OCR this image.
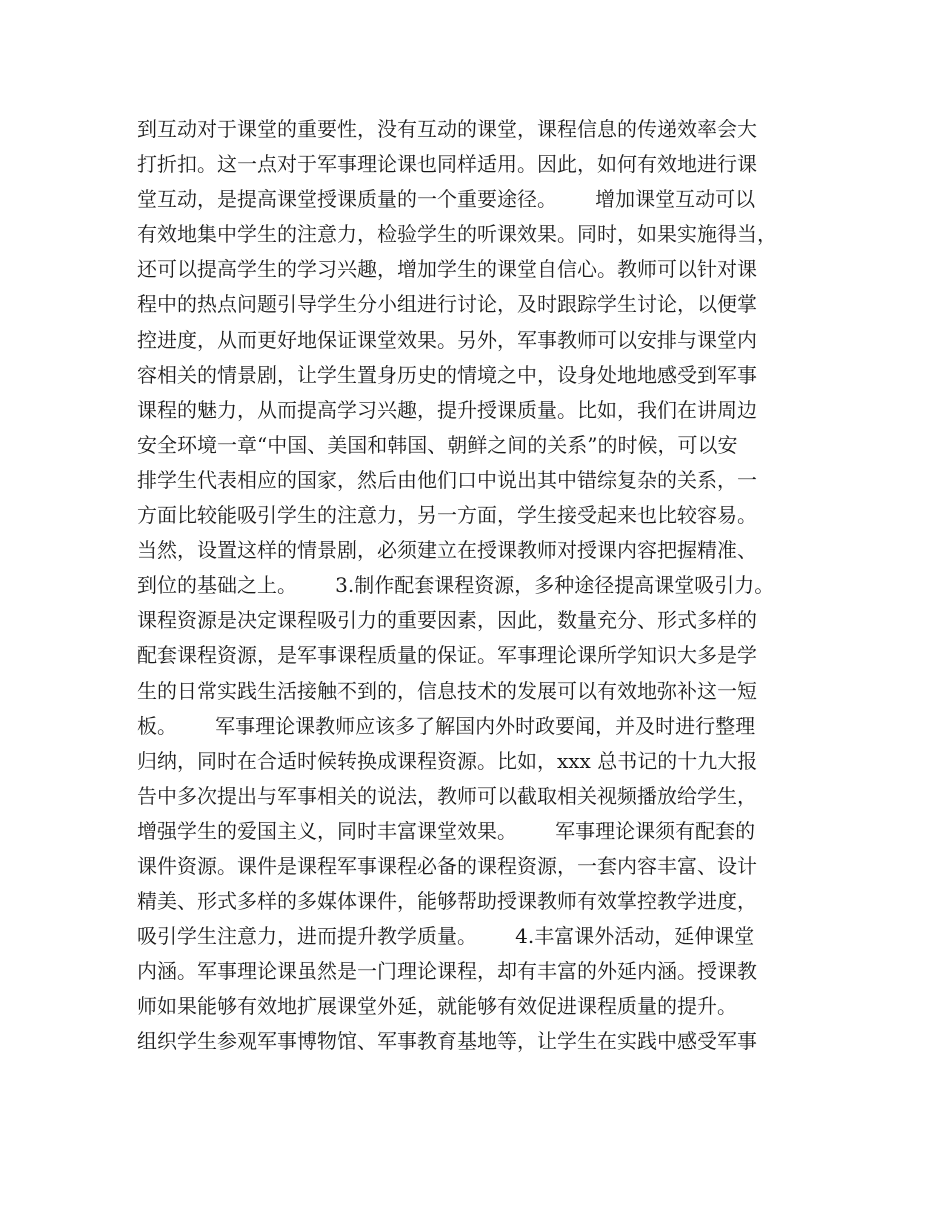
到互动对于课堂的重要性，没有互动的课堂，课程信息的传递效率会大
打折扣。这一点对于军事理论课也同样适用。因此，如何有效地进行课
堂互动，是提高课堂授课质量的一个重要途径。      增加课堂互动可以
有效地集中学生的注意力，检验学生的听课效果。同时，如果实施得当，
还可以提高学生的学习兴趣，增加学生的课堂自信心。教师可以针对课
程中的热点问题引导学生分小组进行讨论，及时跟踪学生讨论，以便掌
控进度，从而更好地保证课堂效果。另外，军事教师可以安排与课堂内
容相关的情景剧，让学生置身历史的情境之中，设身处地地感受到军事
课程的魅力，从而提高学习兴趣，提升授课质量。比如，我们在讲周边
安全环境一章“中国、美国和韩国、朝鲜之间的关系”的时候，可以安
排学生代表相应的国家，然后由他们口中说出其中错综复杂的关系，一
方面比较能吸引学生的注意力，另一方面，学生接受起来也比较容易。
当然，设置这样的情景剧，必须建立在授课教师对授课内容把握精准、
到位的基础之上。      3.制作配套课程资源，多种途径提高课堂吸引力。
课程资源是决定课程吸引力的重要因素，因此，数量充分、形式多样的
配套课程资源，是军事课程质量的保证。军事理论课所学知识大多是学
生的日常实践生活接触不到的，信息技术的发展可以有效地弥补这一短
板。      军事理论课教师应该多了解国内外时政要闻，并及时进行整理
归纳，同时在合适时候转换成课程资源。比如，xxx 总书记的十九大报
告中多次提出与军事相关的说法，教师可以截取相关视频播放给学生，
增强学生的爱国主义，同时丰富课堂效果。      军事理论课须有配套的
课件资源。课件是课程军事课程必备的课程资源，一套内容丰富、设计
精美、形式多样的多媒体课件，能够帮助授课教师有效掌控教学进度，
吸引学生注意力，进而提升教学质量。      4.丰富课外活动，延伸课堂
内涵。军事理论课虽然是一门理论课程，却有丰富的外延内涵。授课教
师如果能够有效地扩展课堂外延，就能够有效促进课程质量的提升。
组织学生参观军事博物馆、军事教育基地等，让学生在实践中感受军事
